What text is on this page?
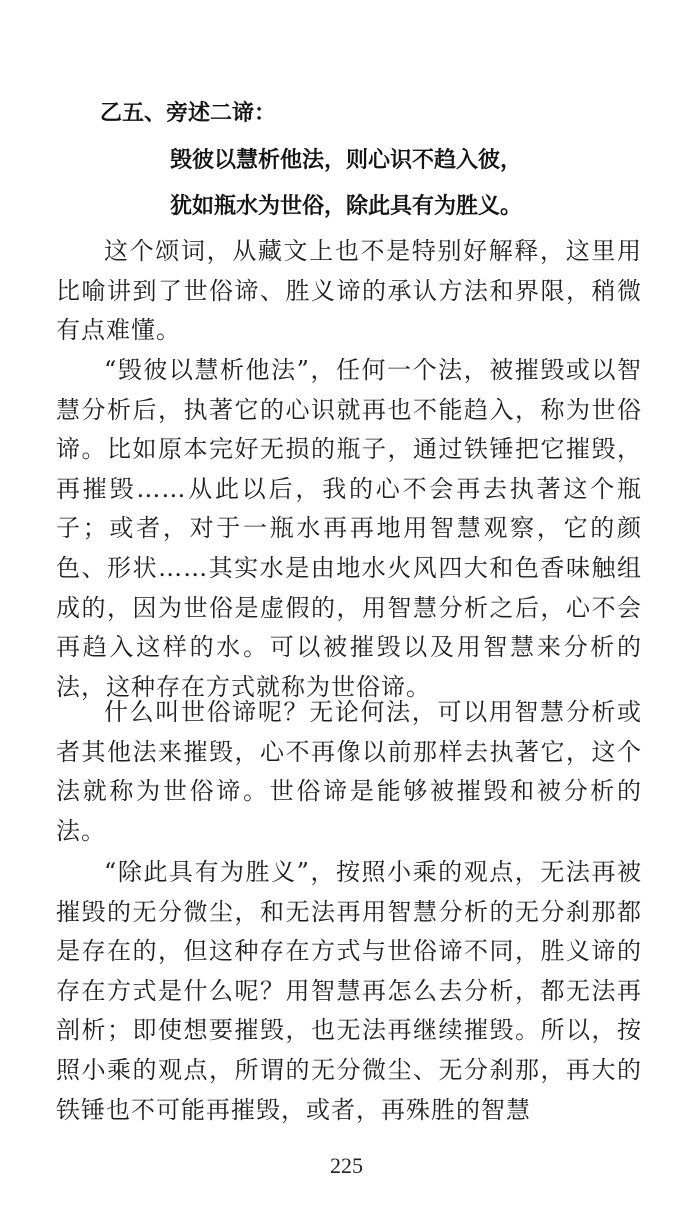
乙五、旁述二谛：
毁彼以慧析他法，则心识不趋入彼，
犹如瓶水为世俗，除此具有为胜义。

这个颂词，从藏文上也不是特别好解释，这里用比喻讲到了世俗谛、胜义谛的承认方法和界限，稍微有点难懂。

“毁彼以慧析他法”，任何一个法，被摧毁或以智慧分析后，执著它的心识就再也不能趋入，称为世俗谛。比如原本完好无损的瓶子，通过铁锤把它摧毁，再摧毁……从此以后，我的心不会再去执著这个瓶子；或者，对于一瓶水再再地用智慧观察，它的颜色、形状……其实水是由地水火风四大和色香味触组成的，因为世俗是虚假的，用智慧分析之后，心不会再趋入这样的水。可以被摧毁以及用智慧来分析的法，这种存在方式就称为世俗谛。

什么叫世俗谛呢？无论何法，可以用智慧分析或者其他法来摧毁，心不再像以前那样去执著它，这个法就称为世俗谛。世俗谛是能够被摧毁和被分析的法。

“除此具有为胜义”，按照小乘的观点，无法再被摧毁的无分微尘，和无法再用智慧分析的无分刹那都是存在的，但这种存在方式与世俗谛不同，胜义谛的存在方式是什么呢？用智慧再怎么去分析，都无法再剖析；即使想要摧毁，也无法再继续摧毁。所以，按照小乘的观点，所谓的无分微尘、无分刹那，再大的铁锤也不可能再摧毁，或者，再殊胜的智慧

225
